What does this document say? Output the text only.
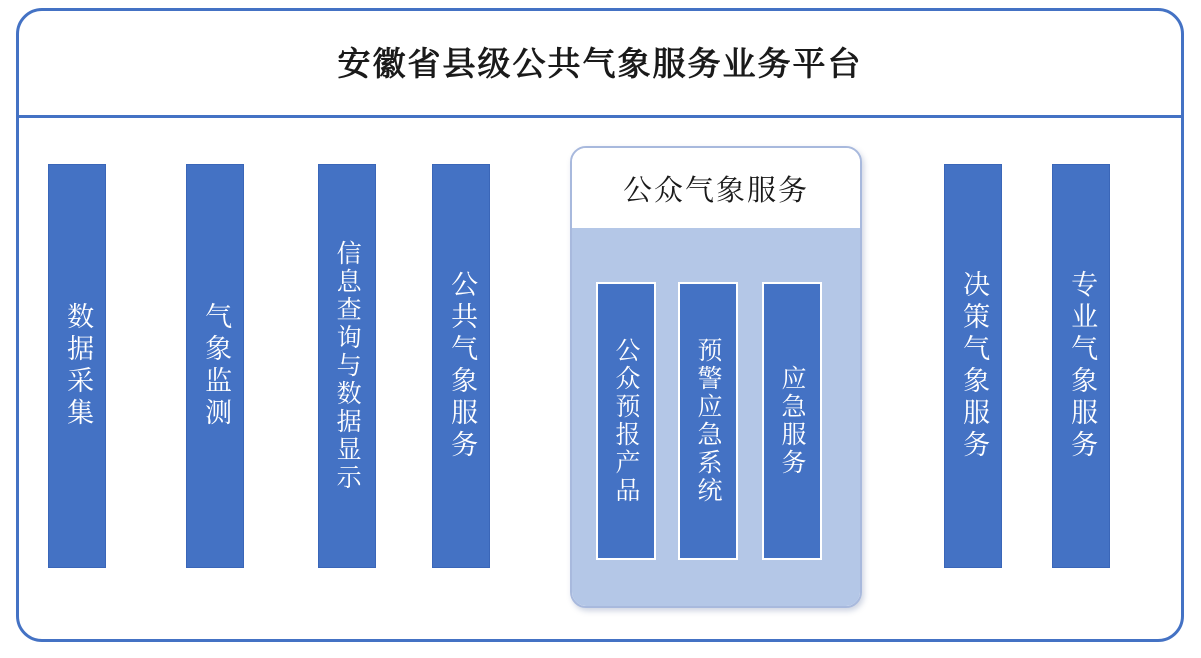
安徽省县级公共气象服务业务平台
数据采集	气象监测	信息查询与数据显示	公共气象服务	决策气象服务	专业气象服务
公众气象服务
公众预报产品 预警应急系统 应急服务
